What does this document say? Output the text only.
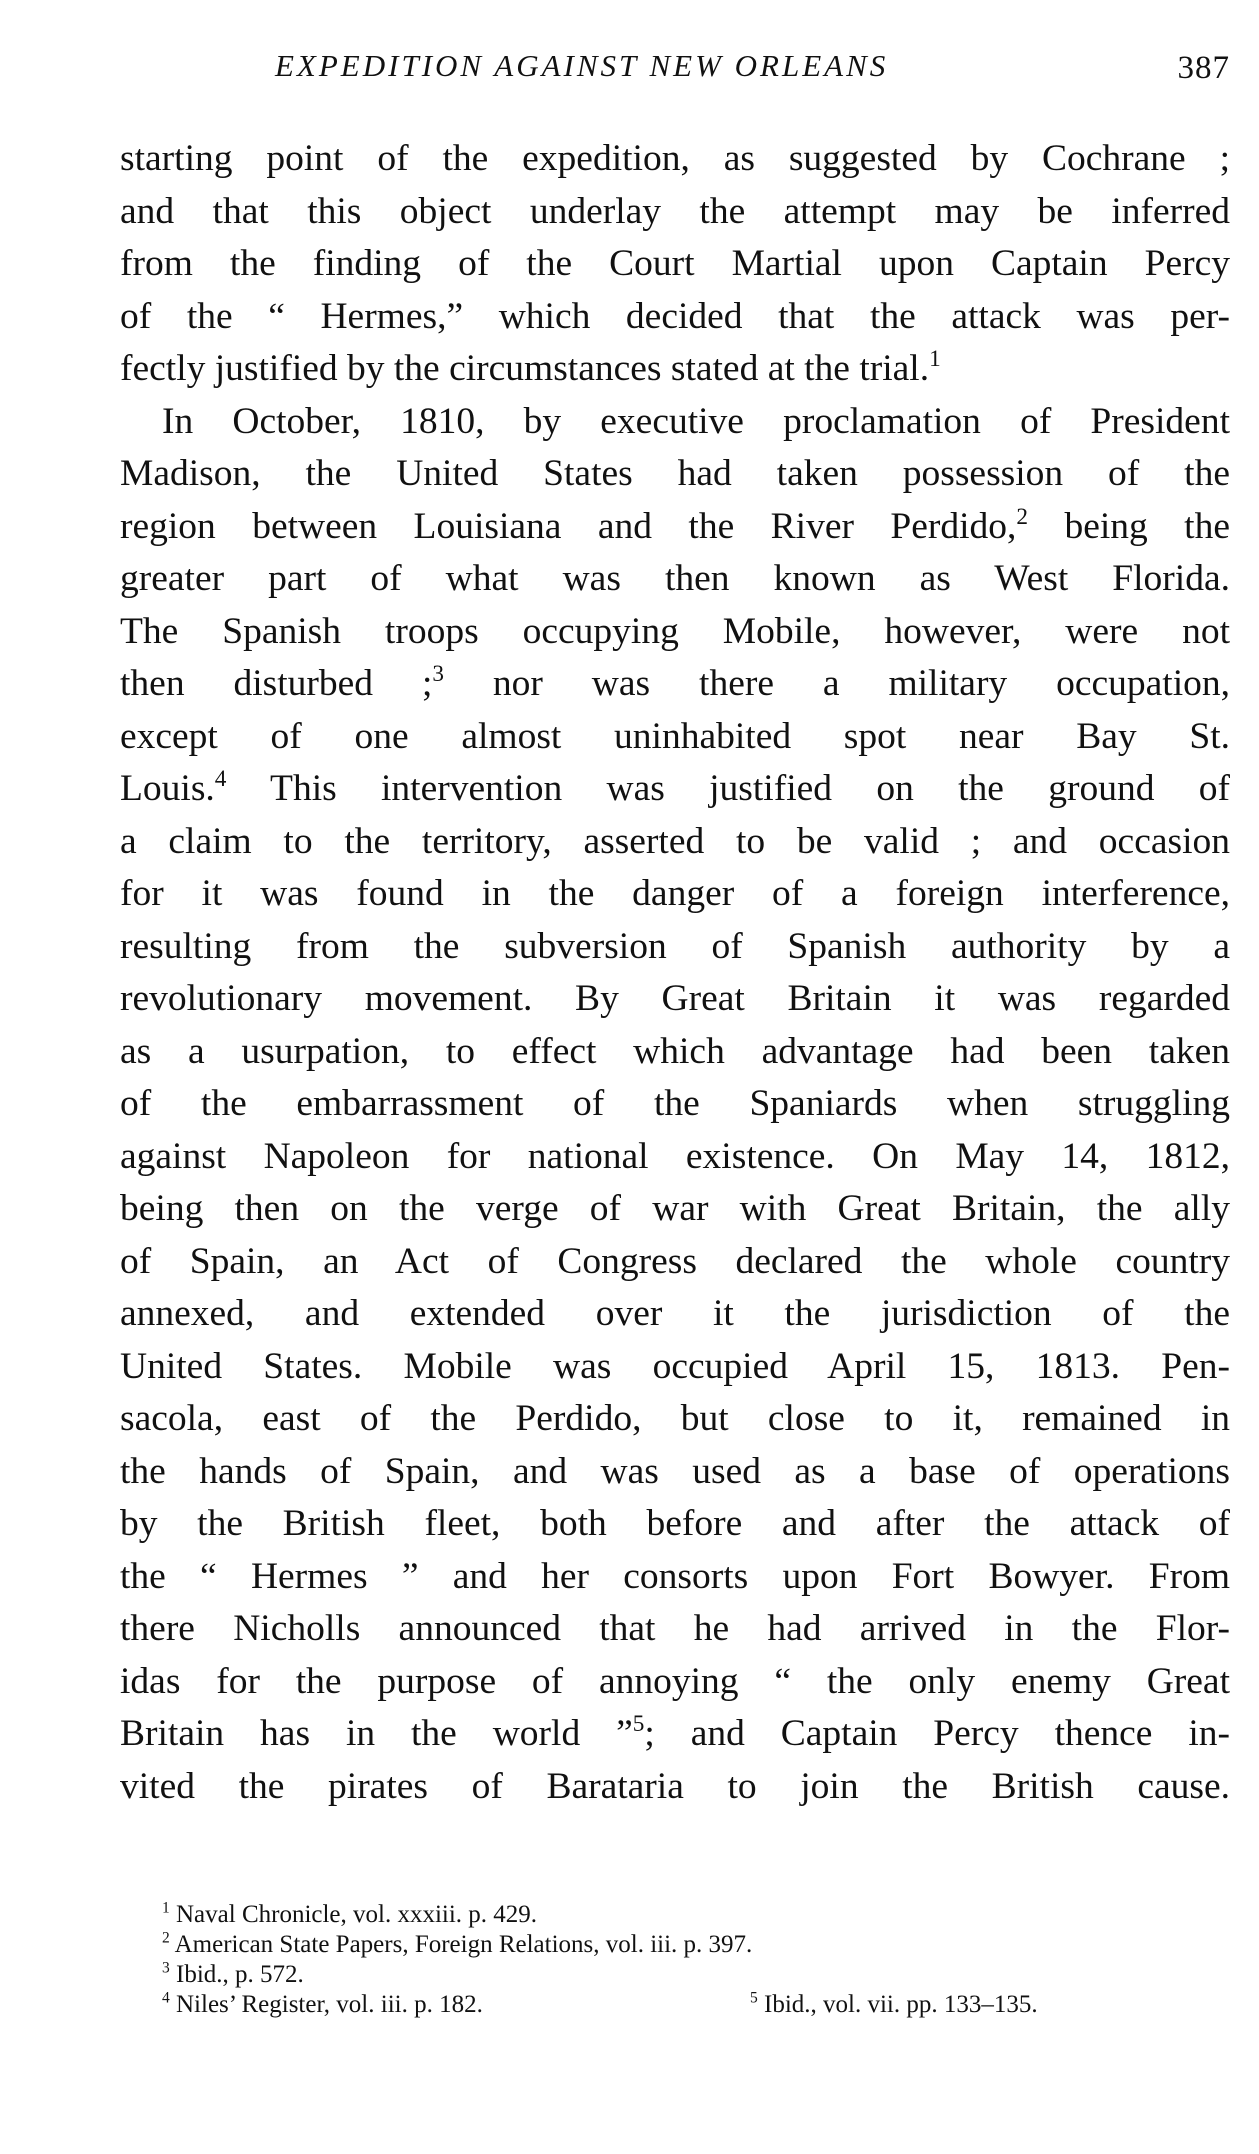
EXPEDITION AGAINST NEW ORLEANS	387
starting point of the expedition, as suggested by Cochrane ;
and that this object underlay the attempt may be inferred
from the finding of the Court Martial upon Captain Percy
of the “ Hermes,” which decided that the attack was per-
fectly justified by the circumstances stated at the trial.$^1$
In October, 1810, by executive proclamation of President
Madison, the United States had taken possession of the
region between Louisiana and the River Perdido,$^2$ being the
greater part of what was then known as West Florida.
The Spanish troops occupying Mobile, however, were not
then disturbed ;$^3$ nor was there a military occupation,
except of one almost uninhabited spot near Bay St.
Louis.$^4$ This intervention was justified on the ground of
a claim to the territory, asserted to be valid ; and occasion
for it was found in the danger of a foreign interference,
resulting from the subversion of Spanish authority by a
revolutionary movement. By Great Britain it was regarded
as a usurpation, to effect which advantage had been taken
of the embarrassment of the Spaniards when struggling
against Napoleon for national existence. On May 14, 1812,
being then on the verge of war with Great Britain, the ally
of Spain, an Act of Congress declared the whole country
annexed, and extended over it the jurisdiction of the
United States. Mobile was occupied April 15, 1813. Pen-
sacola, east of the Perdido, but close to it, remained in
the hands of Spain, and was used as a base of operations
by the British fleet, both before and after the attack of
the “ Hermes ” and her consorts upon Fort Bowyer. From
there Nicholls announced that he had arrived in the Flor-
idas for the purpose of annoying “ the only enemy Great
Britain has in the world ”$^5$; and Captain Percy thence in-
vited the pirates of Barataria to join the British cause.
$^1$ Naval Chronicle, vol. xxxiii. p. 429.
$^2$ American State Papers, Foreign Relations, vol. iii. p. 397.
$^3$ Ibid., p. 572.
$^4$ Niles’ Register, vol. iii. p. 182.	$^5$ Ibid., vol. vii. pp. 133–135.
